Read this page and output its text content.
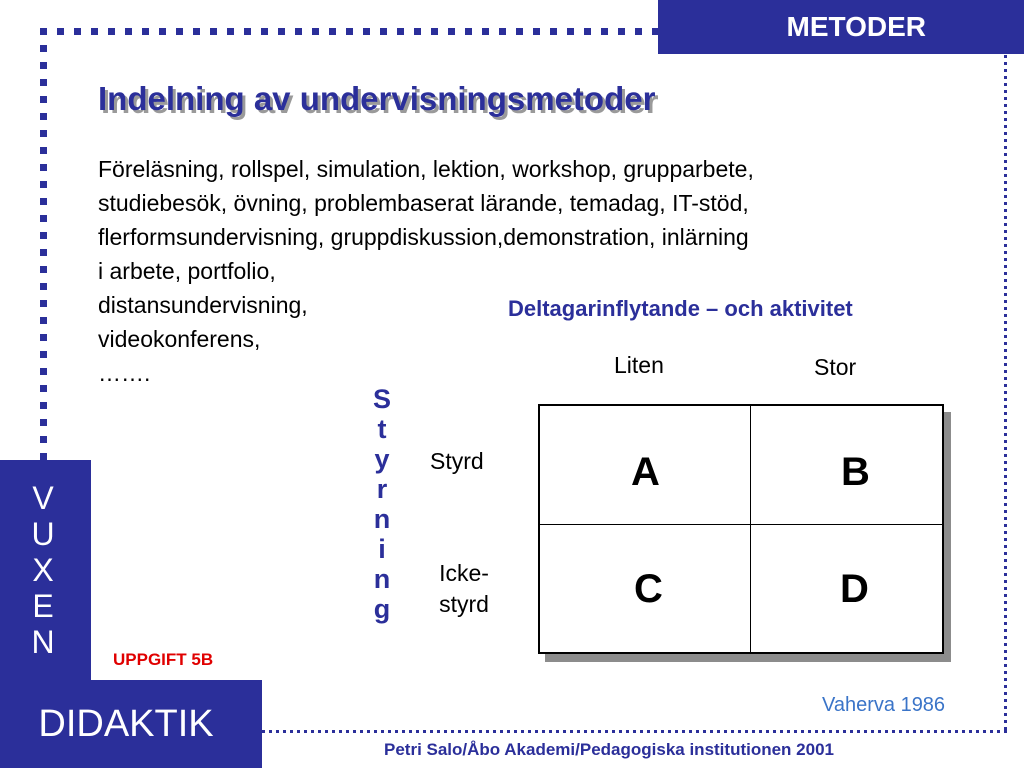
METODER
Indelning av undervisningsmetoder
Föreläsning, rollspel, simulation, lektion, workshop, grupparbete,
studiebesök, övning, problembaserat lärande, temadag, IT-stöd,
flerformsundervisning, gruppdiskussion,demonstration, inlärning
i arbete, portfolio,
distansundervisning,
videokonferens,
…….
Deltagarinflytande – och aktivitet
Liten	Stor
Styrd
Icke-
styrd
S
t
y
r
n
i
n
g
A	B
C	D
V
U
X
E
N
DIDAKTIK
UPPGIFT 5B
Vaherva 1986
Petri Salo/Åbo Akademi/Pedagogiska institutionen 2001
